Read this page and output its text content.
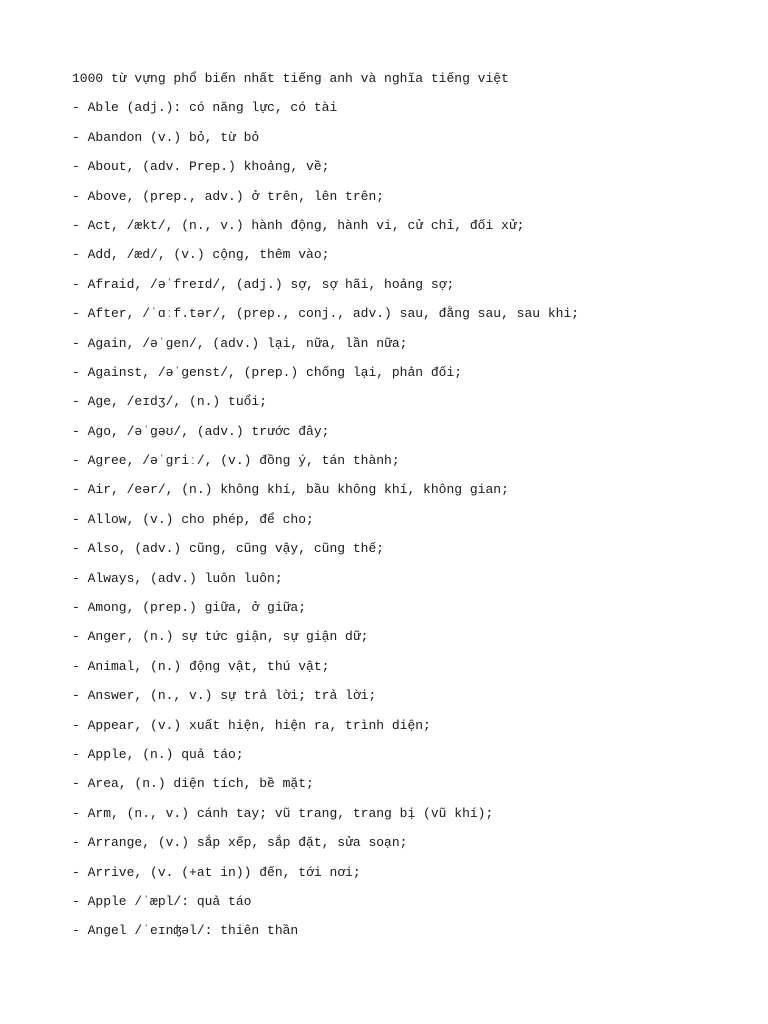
1000 từ vựng phổ biến nhất tiếng anh và nghĩa tiếng việt
- Able (adj.): có năng lực, có tài
- Abandon (v.) bỏ, từ bỏ
- About, (adv. Prep.) khoảng, về;
- Above, (prep., adv.) ở trên, lên trên;
- Act, /ækt/, (n., v.) hành động, hành vi, cử chỉ, đối xử;
- Add, /æd/, (v.) cộng, thêm vào;
- Afraid, /əˈfreɪd/, (adj.) sợ, sợ hãi, hoảng sợ;
- After, /ˈɑːf.tər/, (prep., conj., adv.) sau, đằng sau, sau khi;
- Again, /əˈgen/, (adv.) lại, nữa, lần nữa;
- Against, /əˈgenst/, (prep.) chống lại, phản đối;
- Age, /eɪdʒ/, (n.) tuổi;
- Ago, /əˈgəʊ/, (adv.) trước đây;
- Agree, /əˈgriː/, (v.) đồng ý, tán thành;
- Air, /eər/, (n.) không khí, bầu không khí, không gian;
- Allow, (v.) cho phép, để cho;
- Also, (adv.) cũng, cũng vậy, cũng thế;
- Always, (adv.) luôn luôn;
- Among, (prep.) giữa, ở giữa;
- Anger, (n.) sự tức giận, sự giận dữ;
- Animal, (n.) động vật, thú vật;
- Answer, (n., v.) sự trả lời; trả lời;
- Appear, (v.) xuất hiện, hiện ra, trình diện;
- Apple, (n.) quả táo;
- Area, (n.) diện tích, bề mặt;
- Arm, (n., v.) cánh tay; vũ trang, trang bị (vũ khí);
- Arrange, (v.) sắp xếp, sắp đặt, sửa soạn;
- Arrive, (v. (+at in)) đến, tới nơi;
- Apple /ˈæpl/: quả táo
- Angel /ˈeɪnʤəl/: thiên thần
